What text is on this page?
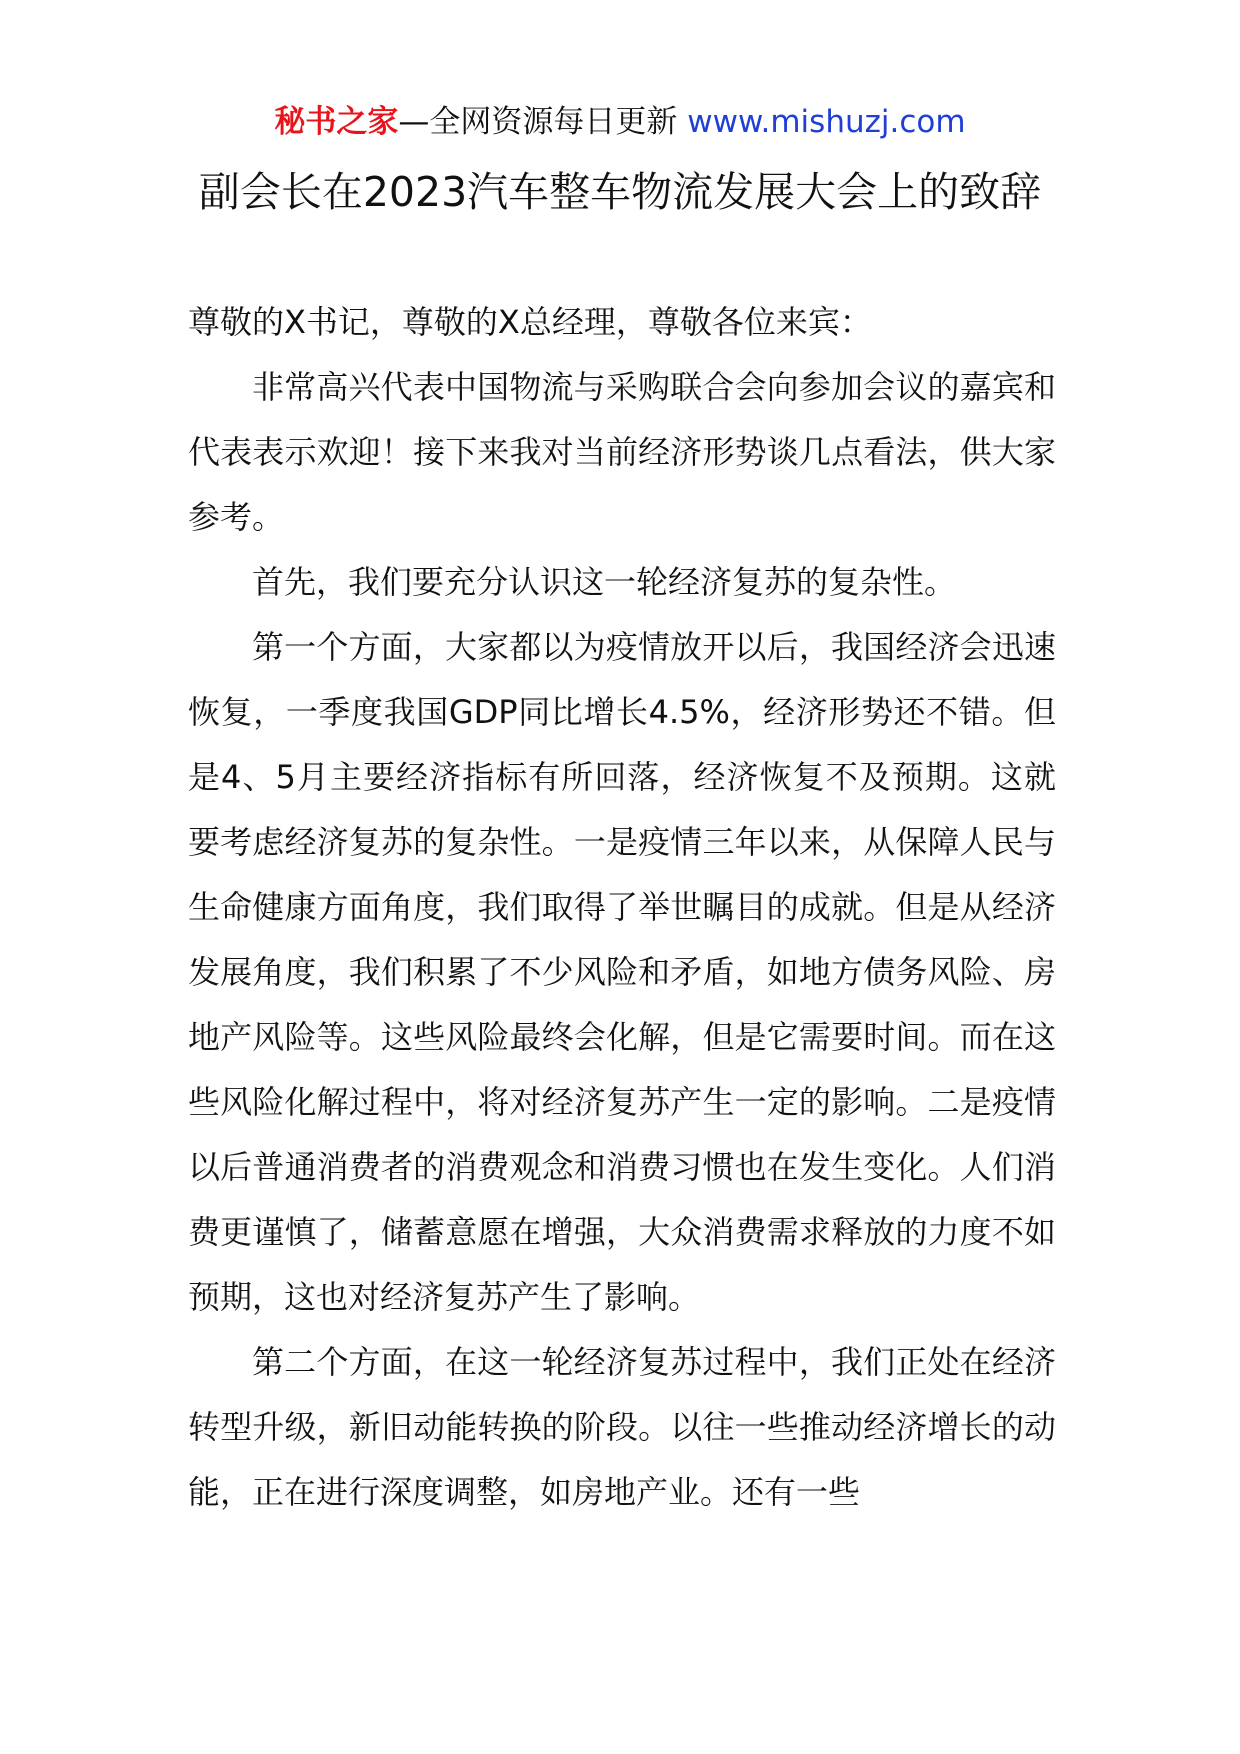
秘书之家—全网资源每日更新 www.mishuzj.com
副会长在2023汽车整车物流发展大会上的致辞

尊敬的X书记，尊敬的X总经理，尊敬各位来宾：

非常高兴代表中国物流与采购联合会向参加会议的嘉宾和代表表示欢迎！接下来我对当前经济形势谈几点看法，供大家参考。

首先，我们要充分认识这一轮经济复苏的复杂性。

第一个方面，大家都以为疫情放开以后，我国经济会迅速恢复，一季度我国GDP同比增长4.5%，经济形势还不错。但是4、5月主要经济指标有所回落，经济恢复不及预期。这就要考虑经济复苏的复杂性。一是疫情三年以来，从保障人民与生命健康方面角度，我们取得了举世瞩目的成就。但是从经济发展角度，我们积累了不少风险和矛盾，如地方债务风险、房地产风险等。这些风险最终会化解，但是它需要时间。而在这些风险化解过程中，将对经济复苏产生一定的影响。二是疫情以后普通消费者的消费观念和消费习惯也在发生变化。人们消费更谨慎了，储蓄意愿在增强，大众消费需求释放的力度不如预期，这也对经济复苏产生了影响。

第二个方面，在这一轮经济复苏过程中，我们正处在经济转型升级，新旧动能转换的阶段。以往一些推动经济增长的动能，正在进行深度调整，如房地产业。还有一些
